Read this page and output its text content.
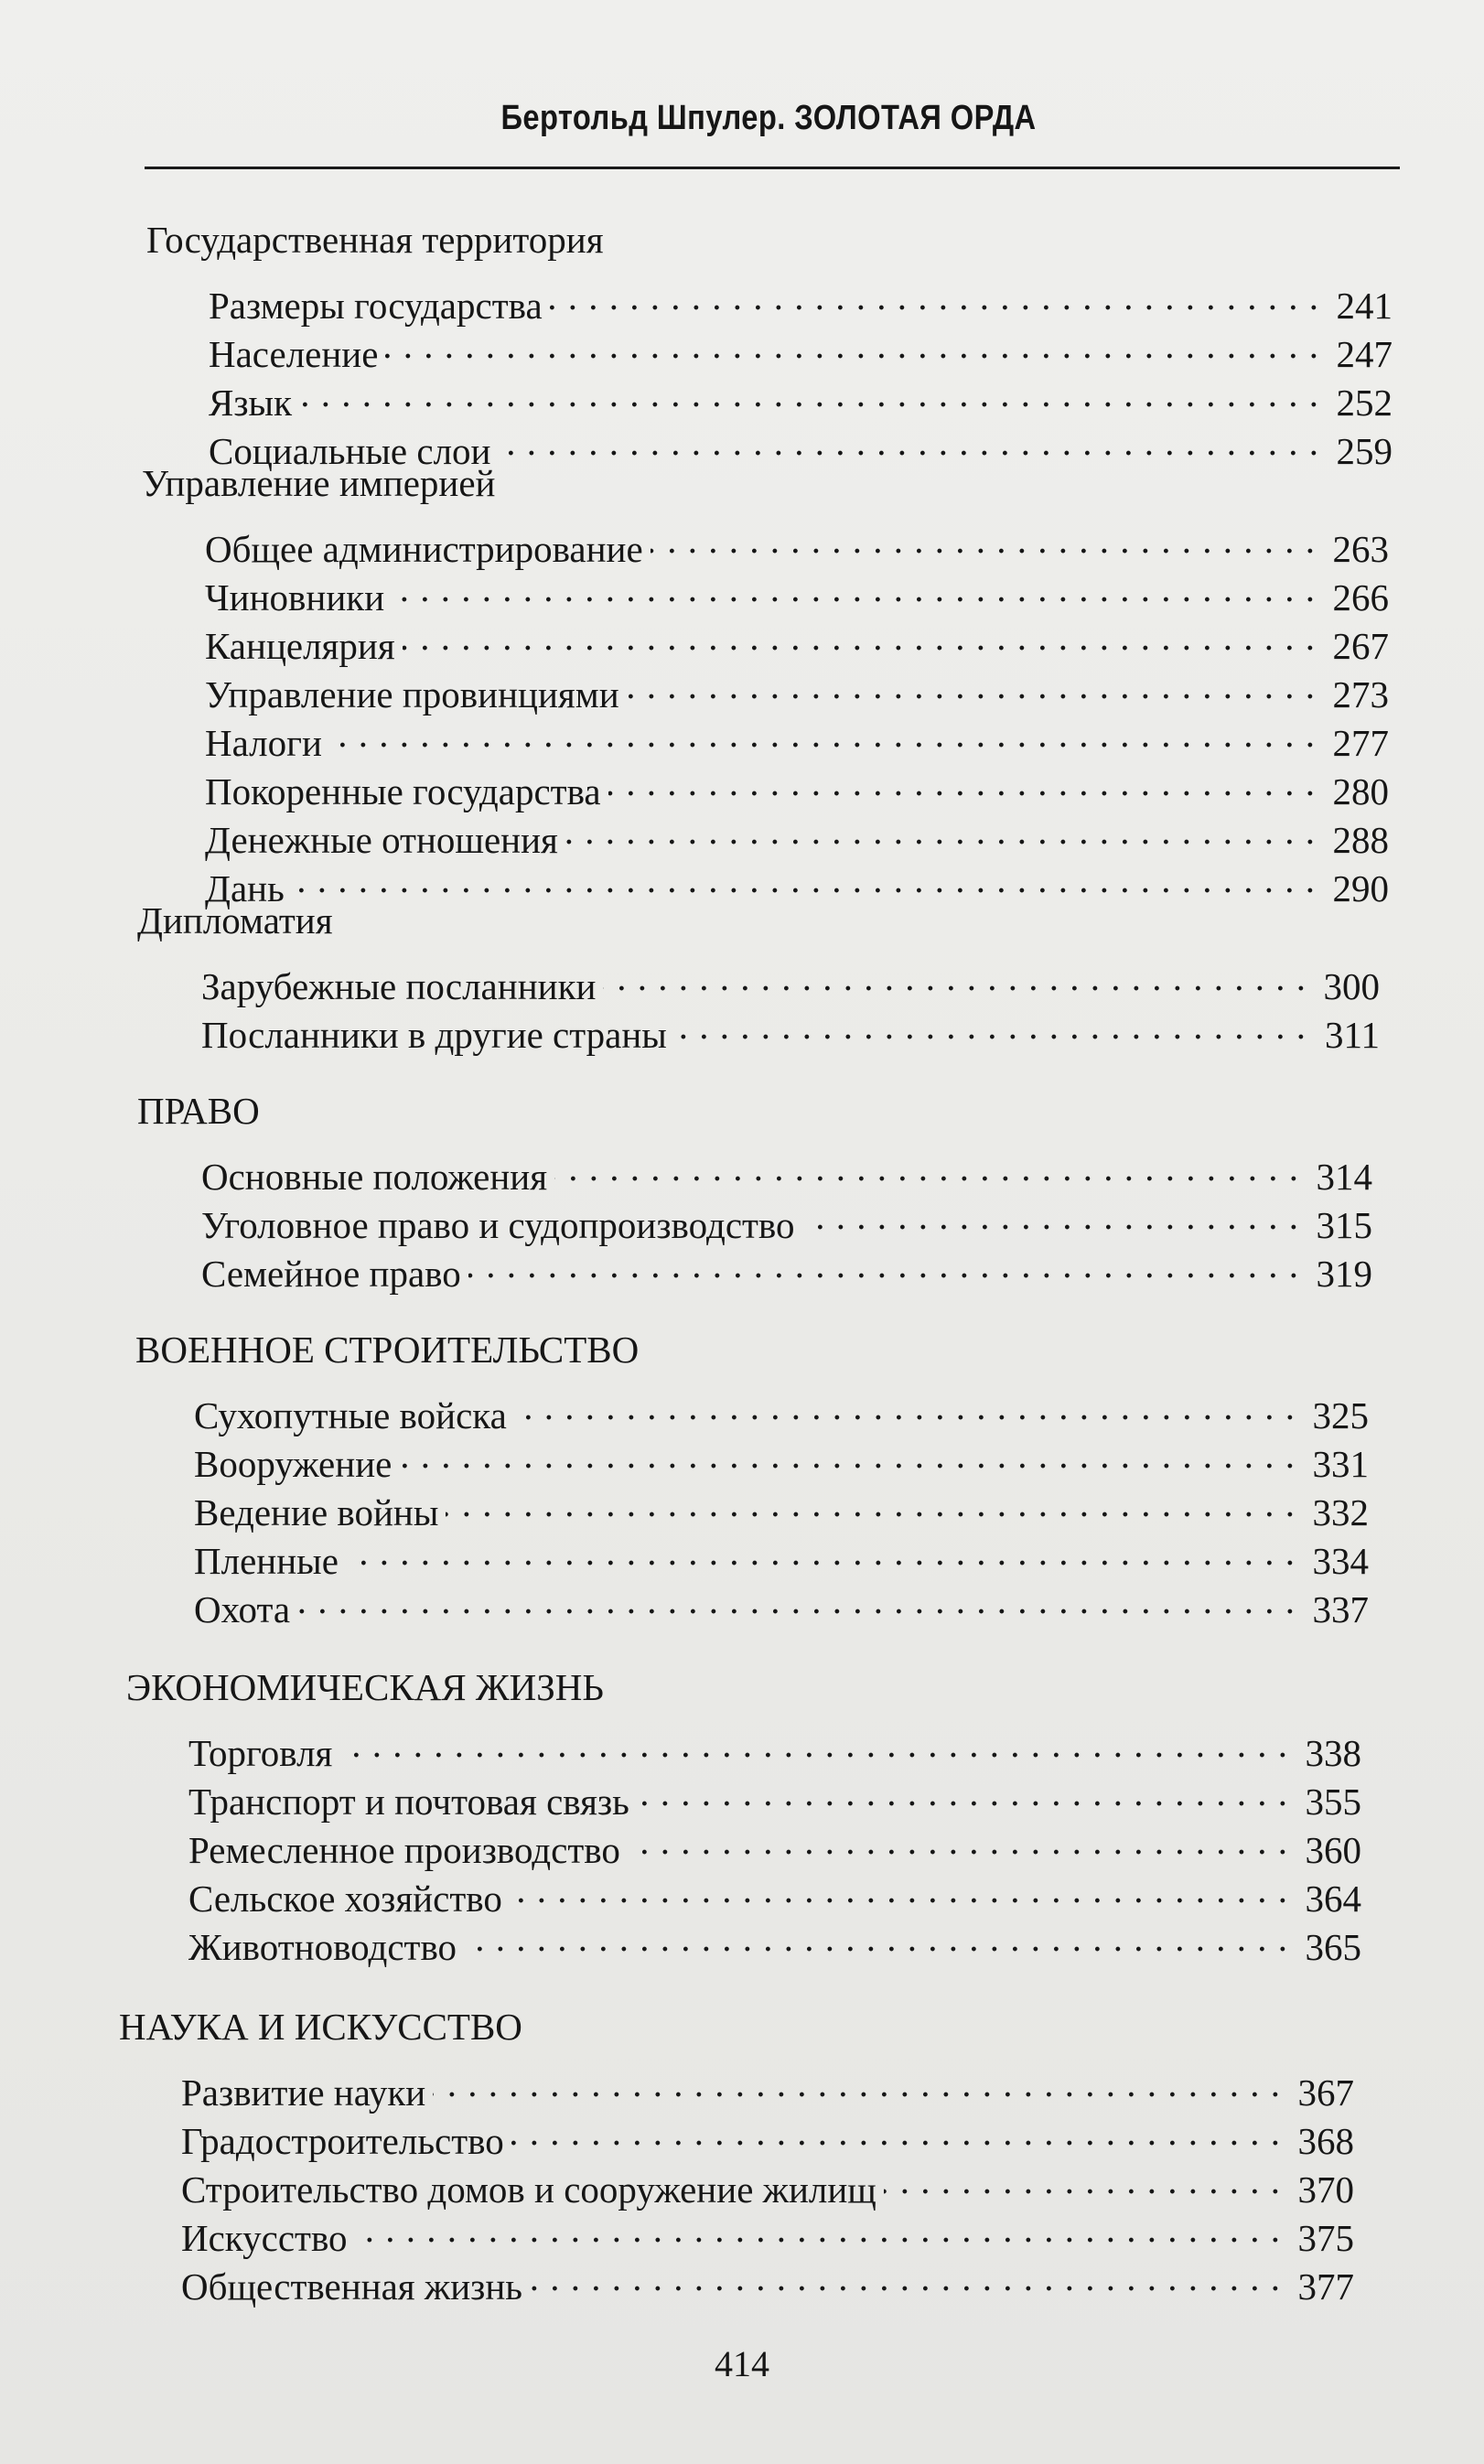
Бертольд Шпулер. ЗОЛОТАЯ ОРДА
Государственная территория
Размеры государства . . .	241
Население . . .	247
Язык . . .	252
Социальные слои . . .	259
Управление империей
Общее администрирование . . .	263
Чиновники . . .	266
Канцелярия . . .	267
Управление провинциями . . .	273
Налоги . . .	277
Покоренные государства . . .	280
Денежные отношения . . .	288
Дань . . .	290
Дипломатия
Зарубежные посланники . . .	300
Посланники в другие страны . . .	311
ПРАВО
Основные положения . . .	314
Уголовное право и судопроизводство . . .	315
Семейное право . . .	319
ВОЕННОЕ СТРОИТЕЛЬСТВО
Сухопутные войска . . .	325
Вооружение . . .	331
Ведение войны . . .	332
Пленные . . .	334
Охота . . .	337
ЭКОНОМИЧЕСКАЯ ЖИЗНЬ
Торговля . . .	338
Транспорт и почтовая связь . . .	355
Ремесленное производство . . .	360
Сельское хозяйство . . .	364
Животноводство . . .	365
НАУКА И ИСКУССТВО
Развитие науки . . .	367
Градостроительство . . .	368
Строительство домов и сооружение жилищ . . .	370
Искусство . . .	375
Общественная жизнь . . .	377
414
